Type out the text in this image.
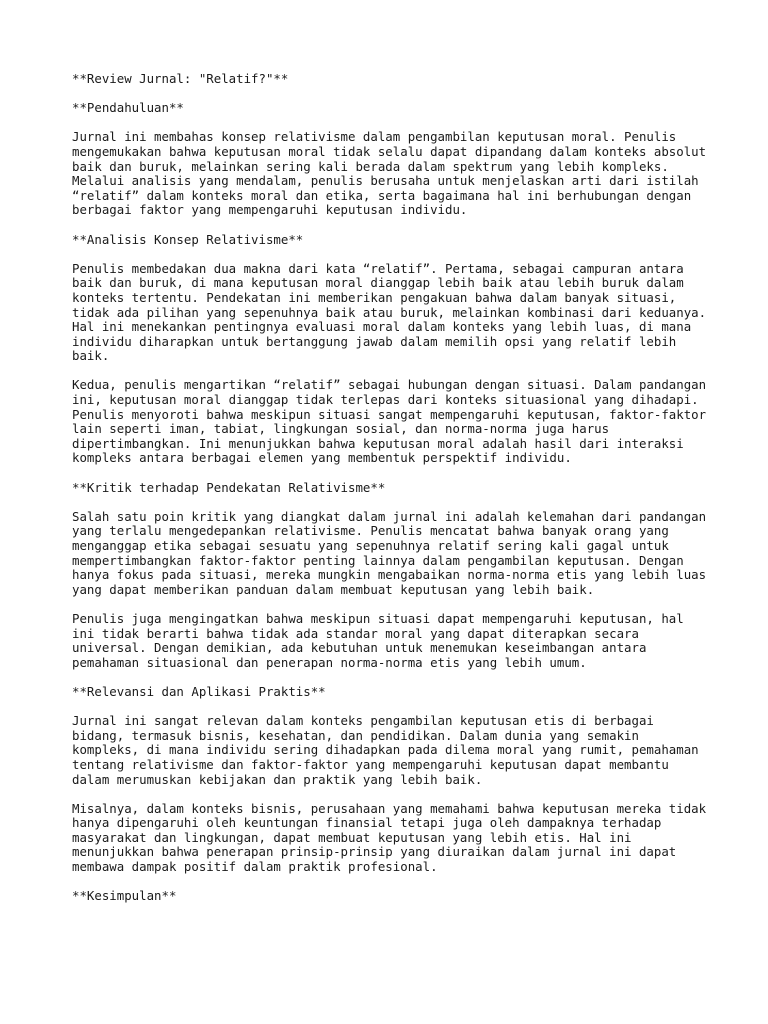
**Review Jurnal: "Relatif?"**

**Pendahuluan**

Jurnal ini membahas konsep relativisme dalam pengambilan keputusan moral. Penulis mengemukakan bahwa keputusan moral tidak selalu dapat dipandang dalam konteks absolut baik dan buruk, melainkan sering kali berada dalam spektrum yang lebih kompleks. Melalui analisis yang mendalam, penulis berusaha untuk menjelaskan arti dari istilah “relatif” dalam konteks moral dan etika, serta bagaimana hal ini berhubungan dengan berbagai faktor yang mempengaruhi keputusan individu.

**Analisis Konsep Relativisme**

Penulis membedakan dua makna dari kata “relatif”. Pertama, sebagai campuran antara baik dan buruk, di mana keputusan moral dianggap lebih baik atau lebih buruk dalam konteks tertentu. Pendekatan ini memberikan pengakuan bahwa dalam banyak situasi, tidak ada pilihan yang sepenuhnya baik atau buruk, melainkan kombinasi dari keduanya. Hal ini menekankan pentingnya evaluasi moral dalam konteks yang lebih luas, di mana individu diharapkan untuk bertanggung jawab dalam memilih opsi yang relatif lebih baik.

Kedua, penulis mengartikan “relatif” sebagai hubungan dengan situasi. Dalam pandangan ini, keputusan moral dianggap tidak terlepas dari konteks situasional yang dihadapi. Penulis menyoroti bahwa meskipun situasi sangat mempengaruhi keputusan, faktor-faktor lain seperti iman, tabiat, lingkungan sosial, dan norma-norma juga harus dipertimbangkan. Ini menunjukkan bahwa keputusan moral adalah hasil dari interaksi kompleks antara berbagai elemen yang membentuk perspektif individu.

**Kritik terhadap Pendekatan Relativisme**

Salah satu poin kritik yang diangkat dalam jurnal ini adalah kelemahan dari pandangan yang terlalu mengedepankan relativisme. Penulis mencatat bahwa banyak orang yang menganggap etika sebagai sesuatu yang sepenuhnya relatif sering kali gagal untuk mempertimbangkan faktor-faktor penting lainnya dalam pengambilan keputusan. Dengan hanya fokus pada situasi, mereka mungkin mengabaikan norma-norma etis yang lebih luas yang dapat memberikan panduan dalam membuat keputusan yang lebih baik.

Penulis juga mengingatkan bahwa meskipun situasi dapat mempengaruhi keputusan, hal ini tidak berarti bahwa tidak ada standar moral yang dapat diterapkan secara universal. Dengan demikian, ada kebutuhan untuk menemukan keseimbangan antara pemahaman situasional dan penerapan norma-norma etis yang lebih umum.

**Relevansi dan Aplikasi Praktis**

Jurnal ini sangat relevan dalam konteks pengambilan keputusan etis di berbagai bidang, termasuk bisnis, kesehatan, dan pendidikan. Dalam dunia yang semakin kompleks, di mana individu sering dihadapkan pada dilema moral yang rumit, pemahaman tentang relativisme dan faktor-faktor yang mempengaruhi keputusan dapat membantu dalam merumuskan kebijakan dan praktik yang lebih baik.

Misalnya, dalam konteks bisnis, perusahaan yang memahami bahwa keputusan mereka tidak hanya dipengaruhi oleh keuntungan finansial tetapi juga oleh dampaknya terhadap masyarakat dan lingkungan, dapat membuat keputusan yang lebih etis. Hal ini menunjukkan bahwa penerapan prinsip-prinsip yang diuraikan dalam jurnal ini dapat membawa dampak positif dalam praktik profesional.

**Kesimpulan**
